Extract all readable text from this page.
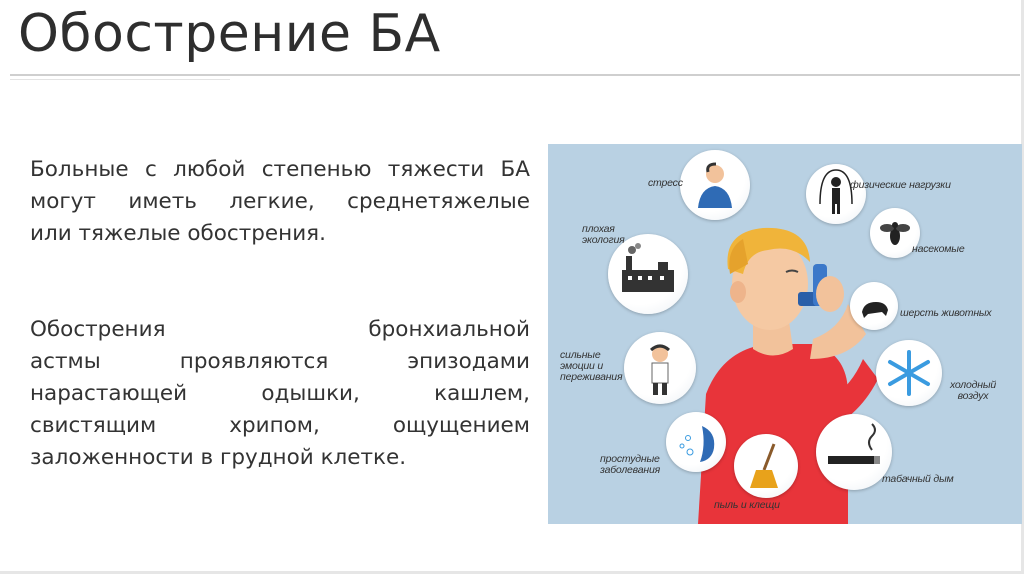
Обострение БА
Больные с любой степенью тяжести БА
могут иметь легкие, среднетяжелые
или тяжелые обострения.
Обострения бронхиальной
астмы проявляются эпизодами
нарастающей одышки, кашлем,
свистящим хрипом, ощущением
заложенности в грудной клетке.
стресс	физические нагрузки
плохая экология
насекомые
шерсть животных
сильные эмоции и переживания
холодный воздух
простудные заболевания
пыль и клещи
табачный дым
